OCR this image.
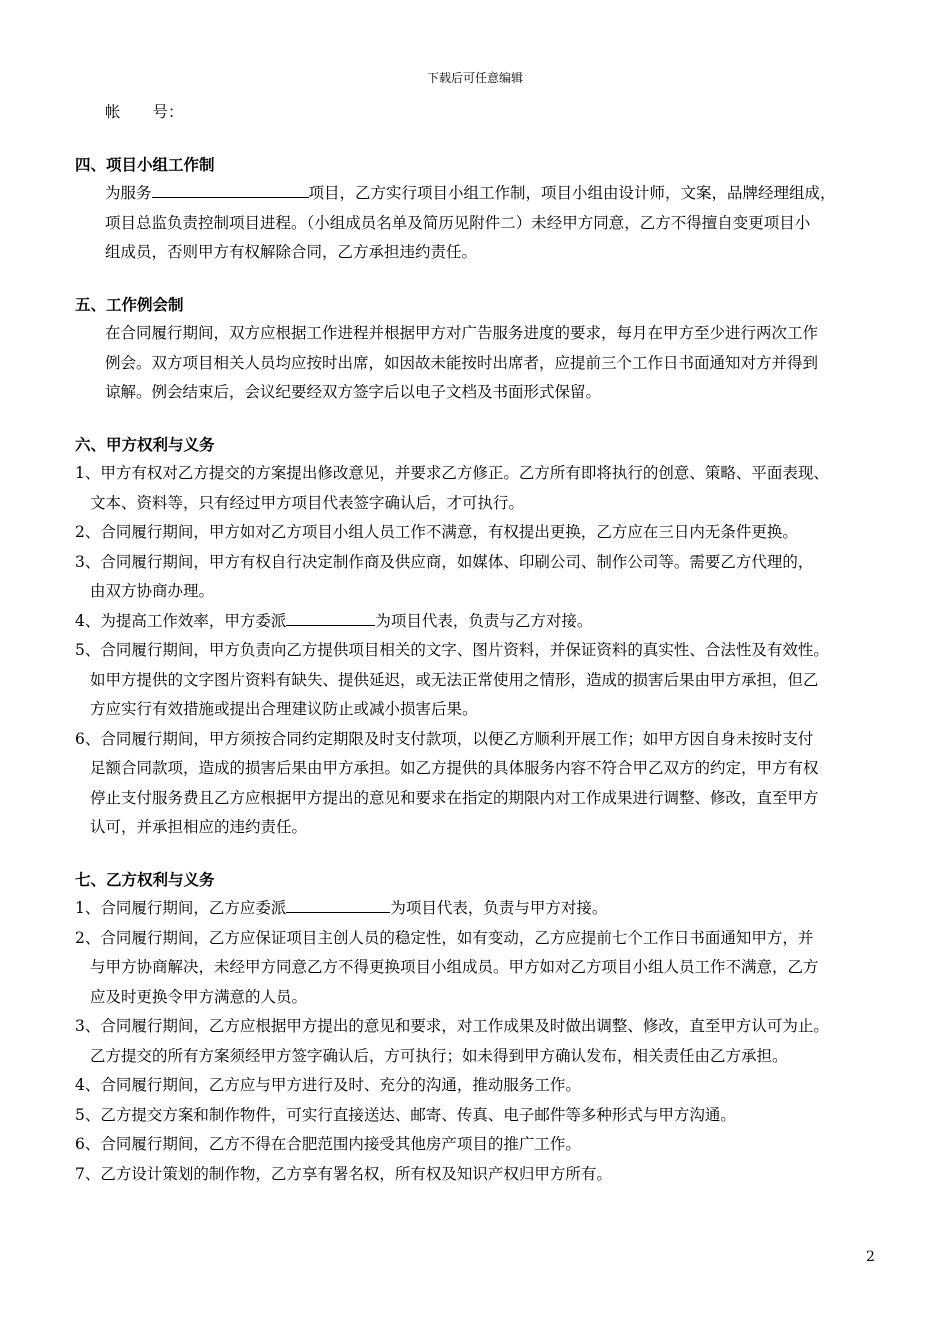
下载后可任意编辑
帐 号：
四、项目小组工作制
为服务	项目，乙方实行项目小组工作制，项目小组由设计师，文案，品牌经理组成，
项目总监负责控制项目进程。（小组成员名单及简历见附件二）未经甲方同意，乙方不得擅自变更项目小
组成员，否则甲方有权解除合同，乙方承担违约责任。
五、工作例会制
在合同履行期间，双方应根据工作进程并根据甲方对广告服务进度的要求，每月在甲方至少进行两次工作
例会。双方项目相关人员均应按时出席，如因故未能按时出席者，应提前三个工作日书面通知对方并得到
谅解。例会结束后，会议纪要经双方签字后以电子文档及书面形式保留。
六、甲方权利与义务
1、甲方有权对乙方提交的方案提出修改意见，并要求乙方修正。乙方所有即将执行的创意、策略、平面表现、
文本、资料等，只有经过甲方项目代表签字确认后，才可执行。
2、合同履行期间，甲方如对乙方项目小组人员工作不满意，有权提出更换，乙方应在三日内无条件更换。
3、合同履行期间，甲方有权自行决定制作商及供应商，如媒体、印刷公司、制作公司等。需要乙方代理的，
由双方协商办理。
4、为提高工作效率，甲方委派	为项目代表，负责与乙方对接。
5、合同履行期间，甲方负责向乙方提供项目相关的文字、图片资料，并保证资料的真实性、合法性及有效性。
如甲方提供的文字图片资料有缺失、提供延迟，或无法正常使用之情形，造成的损害后果由甲方承担，但乙
方应实行有效措施或提出合理建议防止或减小损害后果。
6、合同履行期间，甲方须按合同约定期限及时支付款项，以便乙方顺利开展工作；如甲方因自身未按时支付
足额合同款项，造成的损害后果由甲方承担。如乙方提供的具体服务内容不符合甲乙双方的约定，甲方有权
停止支付服务费且乙方应根据甲方提出的意见和要求在指定的期限内对工作成果进行调整、修改，直至甲方
认可，并承担相应的违约责任。
七、乙方权利与义务
1、合同履行期间，乙方应委派	为项目代表，负责与甲方对接。
2、合同履行期间，乙方应保证项目主创人员的稳定性，如有变动，乙方应提前七个工作日书面通知甲方，并
与甲方协商解决，未经甲方同意乙方不得更换项目小组成员。甲方如对乙方项目小组人员工作不满意，乙方
应及时更换令甲方满意的人员。
3、合同履行期间，乙方应根据甲方提出的意见和要求，对工作成果及时做出调整、修改，直至甲方认可为止。
乙方提交的所有方案须经甲方签字确认后，方可执行；如未得到甲方确认发布，相关责任由乙方承担。
4、合同履行期间，乙方应与甲方进行及时、充分的沟通，推动服务工作。
5、乙方提交方案和制作物件，可实行直接送达、邮寄、传真、电子邮件等多种形式与甲方沟通。
6、合同履行期间，乙方不得在合肥范围内接受其他房产项目的推广工作。
7、乙方设计策划的制作物，乙方享有署名权，所有权及知识产权归甲方所有。
2
